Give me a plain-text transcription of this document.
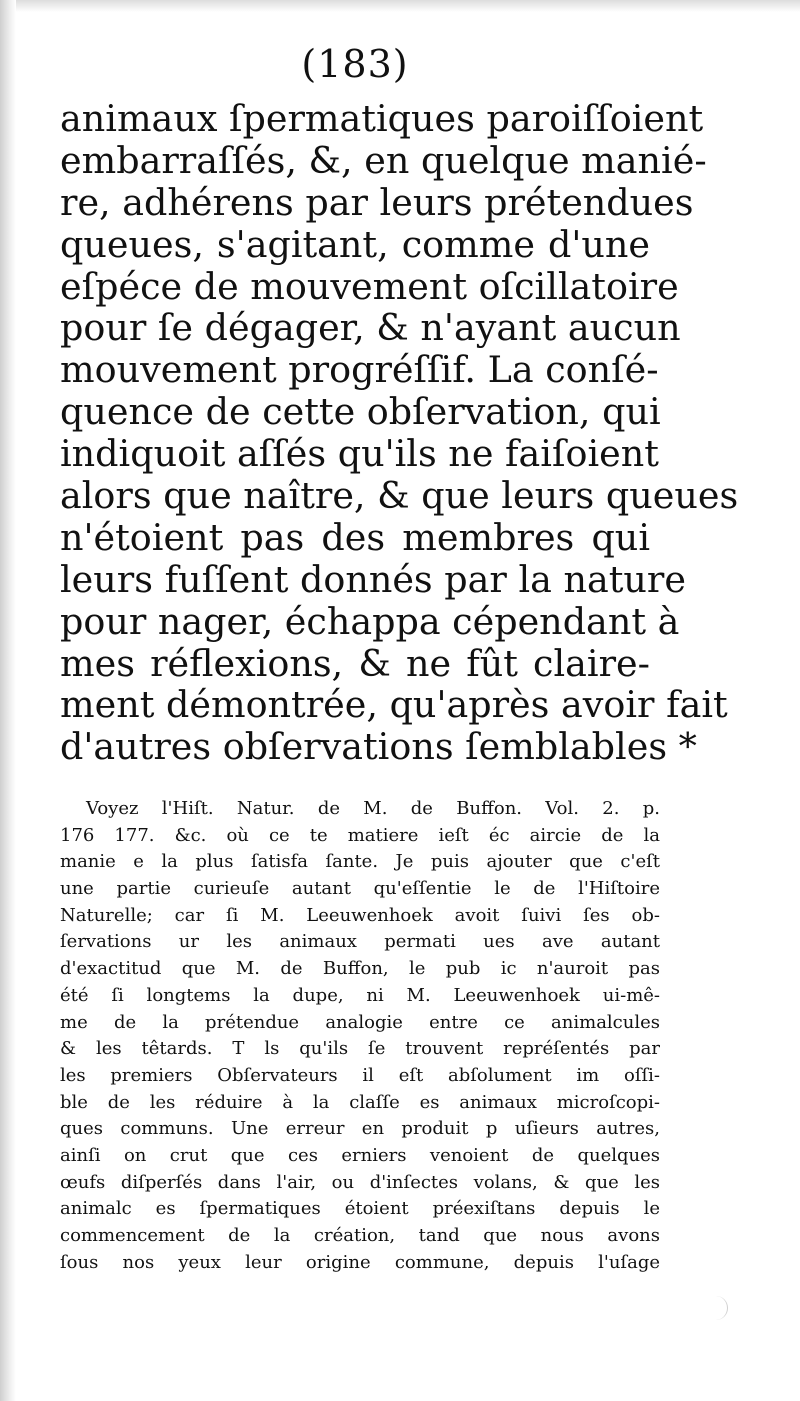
(183)
animaux ſpermatiques paroiſſoient
embarraſſés, &, en quelque manié-
re, adhérens par leurs prétendues
queues, s'agitant, comme d'une
eſpéce de mouvement oſcillatoire
pour ſe dégager, & n'ayant aucun
mouvement progréſſif. La conſé-
quence de cette obſervation, qui
indiquoit aſſés qu'ils ne faiſoient
alors que naître, & que leurs queues
n'étoient pas des membres qui
leurs fuſſent donnés par la nature
pour nager, échappa cépendant à
mes réflexions, & ne fût claire-
ment démontrée, qu'après avoir fait
d'autres obſervations ſemblables *
Voyez l'Hiſt. Natur. de M. de Buffon. Vol. 2. p.
176 177. &c. où ce te matiere ieſt éc aircie de la
manie e la plus ſatisfa ſante. Je puis ajouter que c'eſt
une partie curieuſe autant qu'eſſentie le de l'Hiſtoire
Naturelle; car ſi M. Leeuwenhoek avoit ſuivi ſes ob-
ſervations ur les animaux permati ues ave autant
d'exactitud que M. de Buffon, le pub ic n'auroit pas
été ſi longtems la dupe, ni M. Leeuwenhoek ui-mê-
me de la prétendue analogie entre ce animalcules
& les têtards. T ls qu'ils ſe trouvent repréſentés par
les premiers Obſervateurs il eſt abſolument im oſſi-
ble de les réduire à la claſſe es animaux microſcopi-
ques communs. Une erreur en produit p uſieurs autres,
ainſi on crut que ces erniers venoient de quelques
œufs diſperſés dans l'air, ou d'inſectes volans, & que les
animalc es ſpermatiques étoient préexiſtans depuis le
commencement de la création, tand que nous avons
ſous nos yeux leur origine commune, depuis l'uſage
